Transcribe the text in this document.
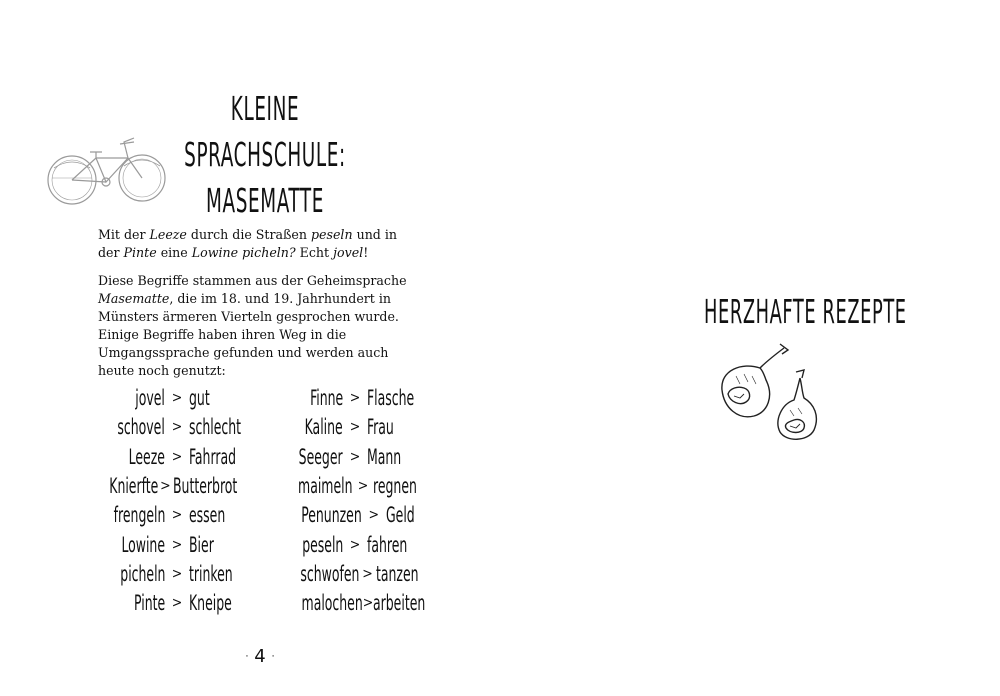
KLEINE SPRACHSCHULE:
MASEMATTE

Mit der Leeze durch die Straßen peseln und in der Pinte eine Lowine picheln? Echt jovel!

Diese Begriffe stammen aus der Geheimsprache Masematte, die im 18. und 19. Jahrhundert in Münsters ärmeren Vierteln gesprochen wurde. Einige Begriffe haben ihren Weg in die Umgangssprache gefunden und werden auch heute noch genutzt:

jovel > gut
schovel > schlecht
Leeze > Fahrrad
Knierfte > Butterbrot
frengeln > essen
Lowine > Bier
picheln > trinken
Pinte > Kneipe
Finne > Flasche
Kaline > Frau
Seeger > Mann
maimeln > regnen
Penunzen > Geld
peseln > fahren
schwofen > tanzen
malochen > arbeiten
· 4 ·
HERZHAFTE REZEPTE
